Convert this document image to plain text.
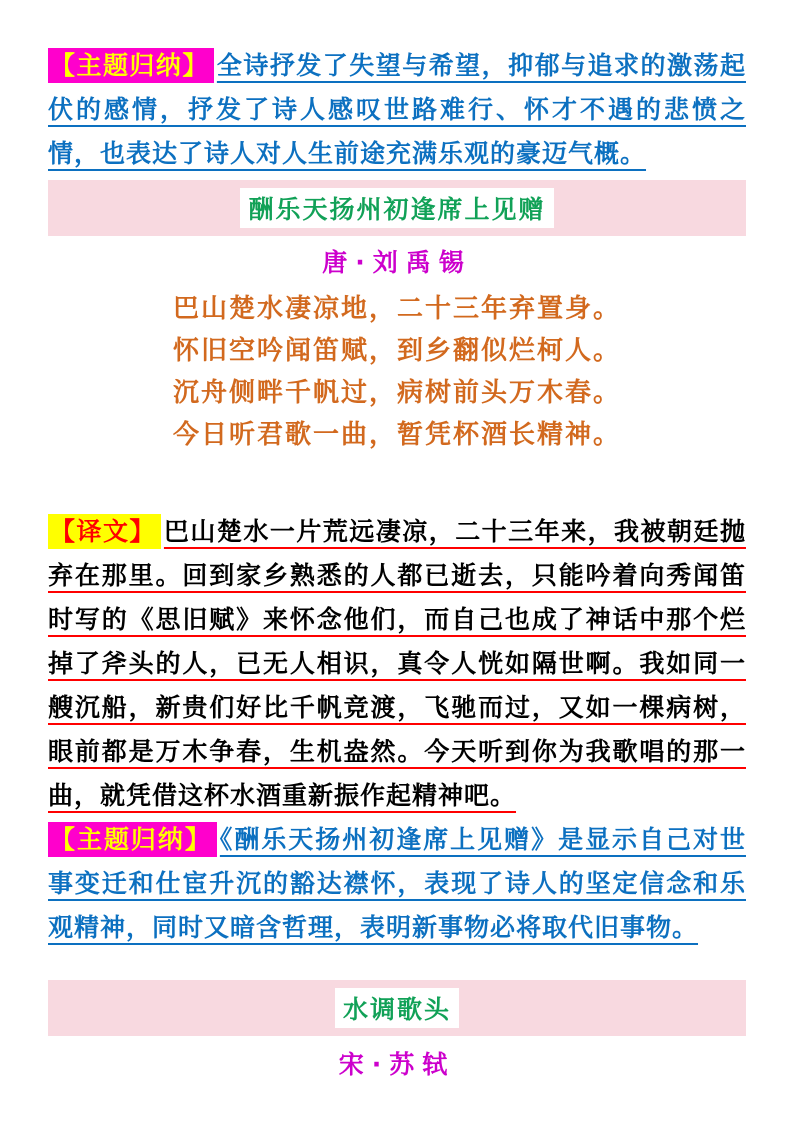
【主题归纳】 全诗抒发了失望与希望，抑郁与追求的激荡起伏的感情，抒发了诗人感叹世路难行、怀才不遇的悲愤之情，也表达了诗人对人生前途充满乐观的豪迈气概。

酬乐天扬州初逢席上见赠
唐·刘禹锡
巴山楚水凄凉地，二十三年弃置身。
怀旧空吟闻笛赋，到乡翻似烂柯人。
沉舟侧畔千帆过，病树前头万木春。
今日听君歌一曲，暂凭杯酒长精神。

【译文】 巴山楚水一片荒远凄凉，二十三年来，我被朝廷抛弃在那里。回到家乡熟悉的人都已逝去，只能吟着向秀闻笛时写的《思旧赋》来怀念他们，而自己也成了神话中那个烂掉了斧头的人，已无人相识，真令人恍如隔世啊。我如同一艘沉船，新贵们好比千帆竞渡，飞驰而过，又如一棵病树，眼前都是万木争春，生机盎然。今天听到你为我歌唱的那一曲，就凭借这杯水酒重新振作起精神吧。

【主题归纳】 《酬乐天扬州初逢席上见赠》是显示自己对世事变迁和仕宦升沉的豁达襟怀，表现了诗人的坚定信念和乐观精神，同时又暗含哲理，表明新事物必将取代旧事物。

水调歌头
宋·苏轼
